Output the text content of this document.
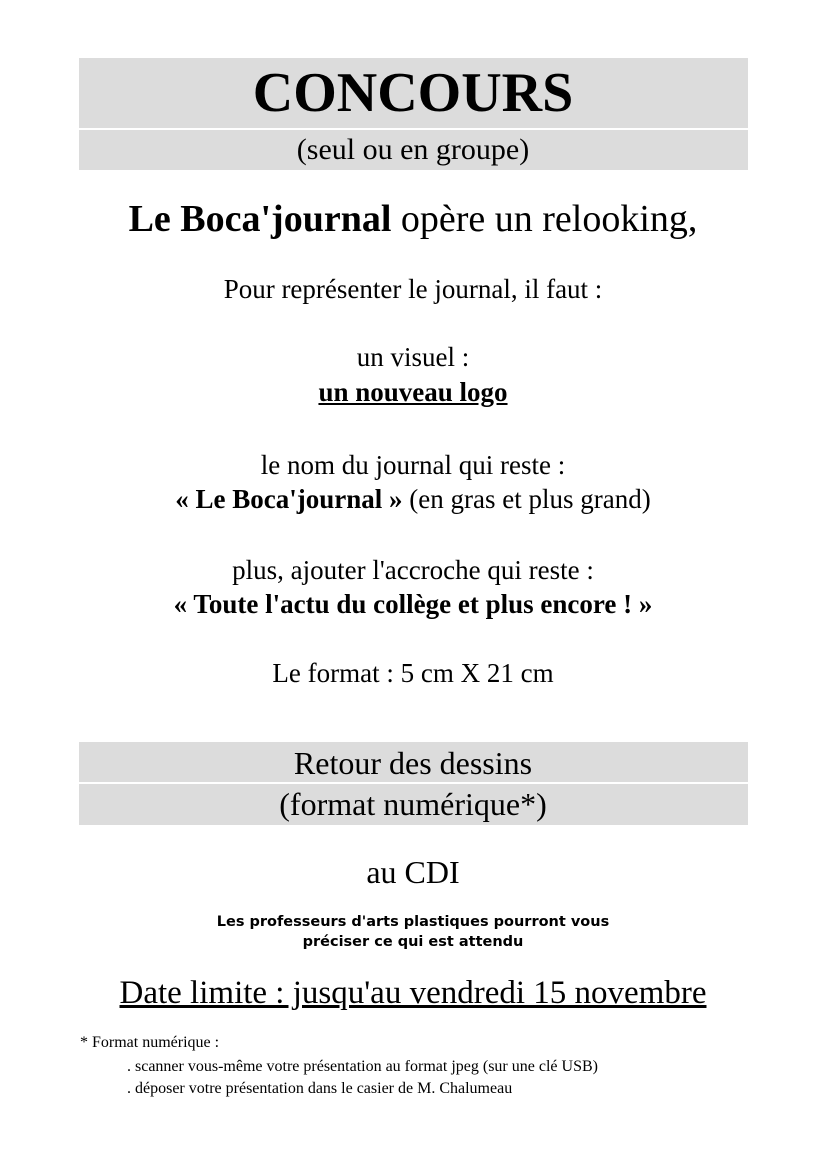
CONCOURS
(seul ou en groupe)
Le Boca'journal opère un relooking,
Pour représenter le journal, il faut :
un visuel :
un nouveau logo
le nom du journal qui reste :
« Le Boca'journal » (en gras et plus grand)
plus, ajouter l'accroche qui reste :
« Toute l'actu du collège et plus encore ! »
Le format : 5 cm X 21 cm
Retour des dessins
(format numérique*)
au CDI
Les professeurs d'arts plastiques pourront vous
préciser ce qui est attendu
Date limite : jusqu'au vendredi 15 novembre
* Format numérique :
. scanner vous-même votre présentation au format jpeg (sur une clé USB)
. déposer votre présentation dans le casier de M. Chalumeau
